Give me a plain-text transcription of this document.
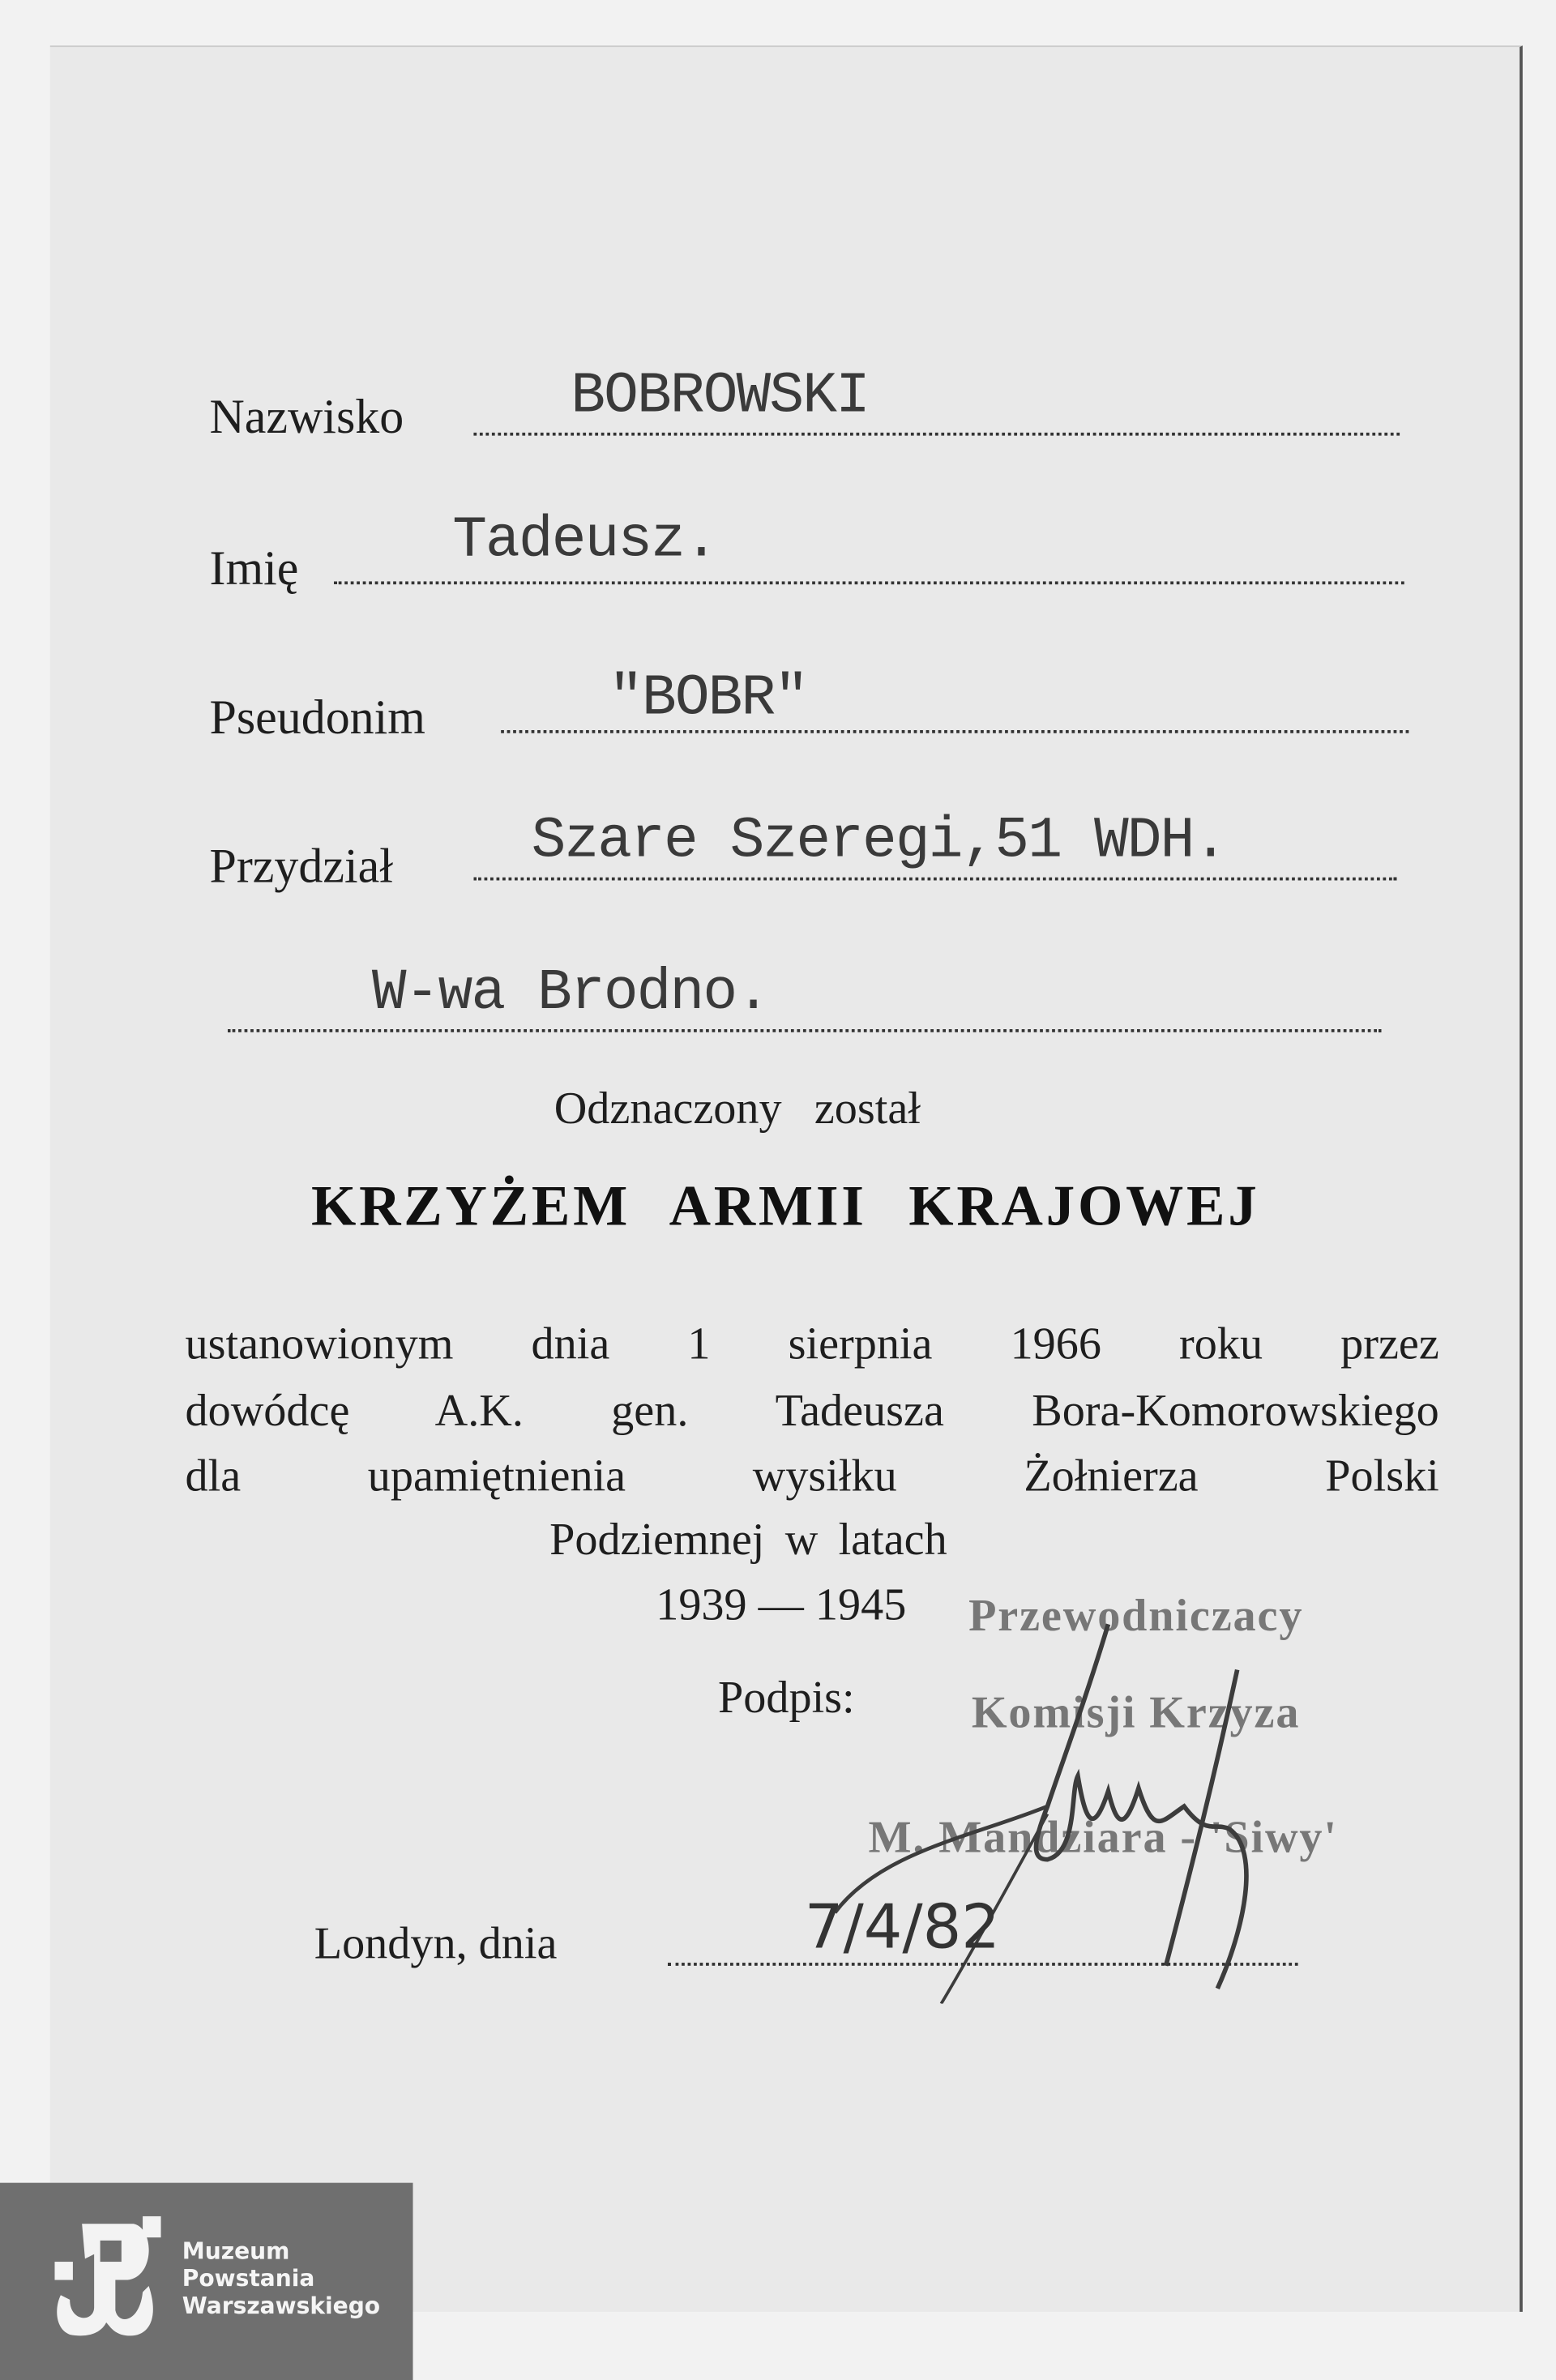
Nazwisko	BOBROWSKI
Imię	Tadeusz.
Pseudonim	"BOBR"
Przydział	Szare Szeregi,51 WDH.
W-wa Brodno.
Odznaczony został
KRZYŻEM ARMII KRAJOWEJ
ustanowionym dnia 1 sierpnia 1966 roku przez
dowódcę A.K. gen. Tadeusza Bora-Komorowskiego
dla upamiętnienia wysiłku Żołnierza Polski
Podziemnej w latach
1939 — 1945	Przewodniczacy
Podpis:	Komisji Krzyza
M. Mandziara - 'Siwy'
Londyn, dnia	7/4/82
Muzeum
Powstania
Warszawskiego
